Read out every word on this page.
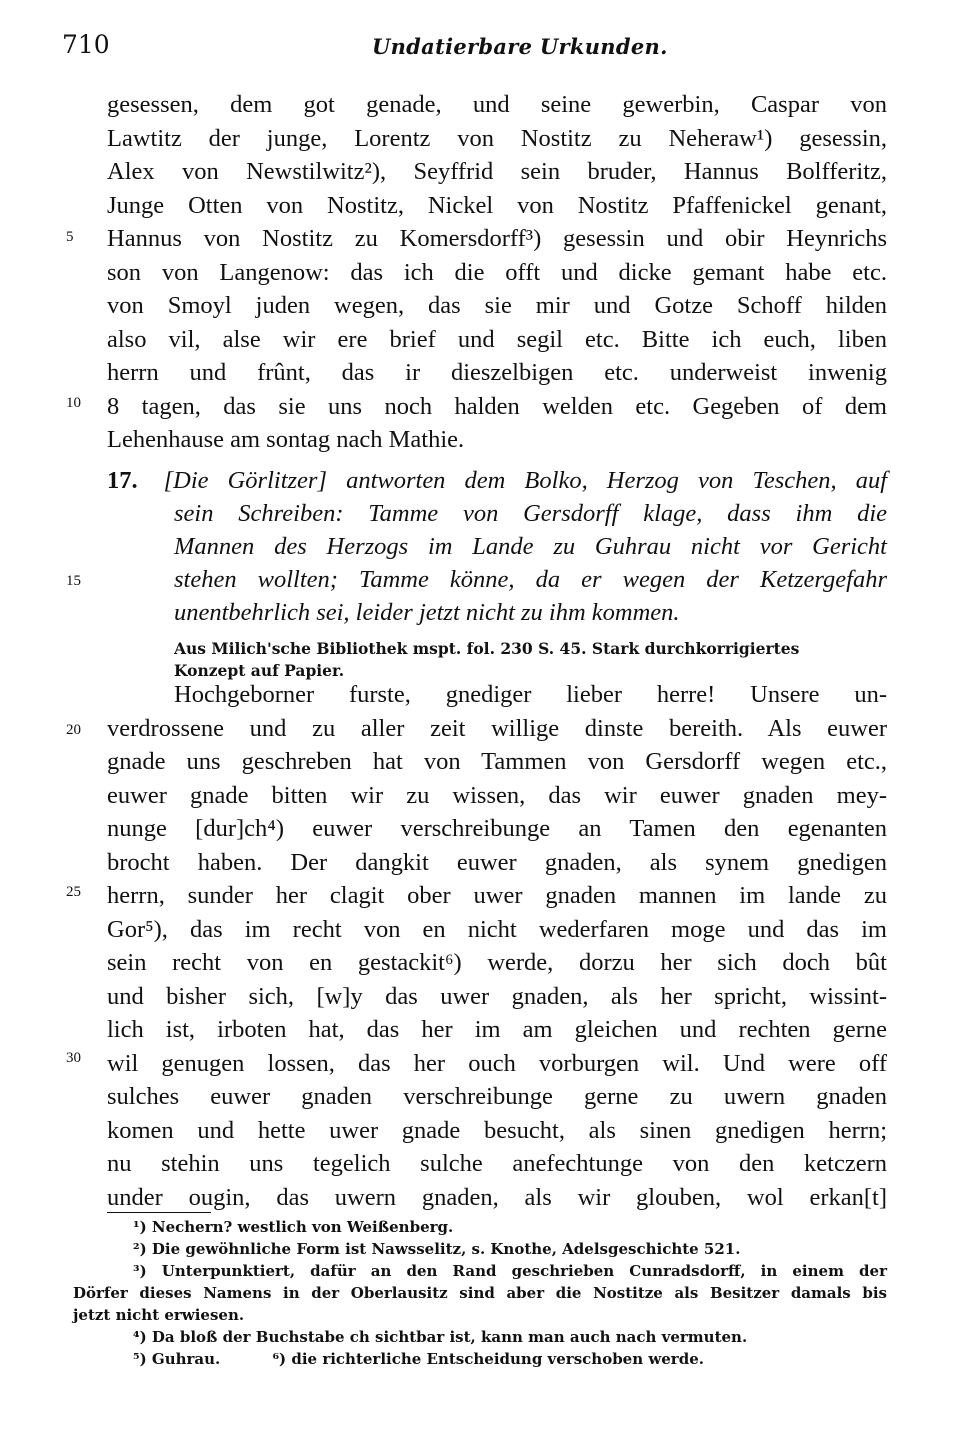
710	Undatierbare Urkunden.
gesessen, dem got genade, und seine gewerbin, Caspar von
Lawtitz der junge, Lorentz von Nostitz zu Neheraw¹) gesessin,
Alex von Newstilwitz²), Seyffrid sein bruder, Hannus Bolfferitz,
Junge Otten von Nostitz, Nickel von Nostitz Pfaffenickel genant,
Hannus von Nostitz zu Komersdorff³) gesessin und obir Heynrichs
son von Langenow: das ich die offt und dicke gemant habe etc.
von Smoyl juden wegen, das sie mir und Gotze Schoff hilden
also vil, alse wir ere brief und segil etc. Bitte ich euch, liben
herrn und frûnt, das ir dieszelbigen etc. underweist inwenig
8 tagen, das sie uns noch halden welden etc. Gegeben of dem
Lehenhause am sontag nach Mathie.
5
10
15
20
25
30
17. [Die Görlitzer] antworten dem Bolko, Herzog von Teschen, auf
sein Schreiben: Tamme von Gersdorff klage, dass ihm die
Mannen des Herzogs im Lande zu Guhrau nicht vor Gericht
stehen wollten; Tamme könne, da er wegen der Ketzergefahr
unentbehrlich sei, leider jetzt nicht zu ihm kommen.
Aus Milich'sche Bibliothek mspt. fol. 230 S. 45. Stark durchkorrigiertes
Konzept auf Papier.
Hochgeborner furste, gnediger lieber herre! Unsere un-
verdrossene und zu aller zeit willige dinste bereith. Als euwer
gnade uns geschreben hat von Tammen von Gersdorff wegen etc.,
euwer gnade bitten wir zu wissen, das wir euwer gnaden mey-
nunge [dur]ch⁴) euwer verschreibunge an Tamen den egenanten
brocht haben. Der dangkit euwer gnaden, als synem gnedigen
herrn, sunder her clagit ober uwer gnaden mannen im lande zu
Gor⁵), das im recht von en nicht wederfaren moge und das im
sein recht von en gestackit⁶) werde, dorzu her sich doch bût
und bisher sich, [w]y das uwer gnaden, als her spricht, wissint-
lich ist, irboten hat, das her im am gleichen und rechten gerne
wil genugen lossen, das her ouch vorburgen wil. Und were off
sulches euwer gnaden verschreibunge gerne zu uwern gnaden
komen und hette uwer gnade besucht, als sinen gnedigen herrn;
nu stehin uns tegelich sulche anefechtunge von den ketczern
under ougin, das uwern gnaden, als wir glouben, wol erkan[t]
¹) Nechern? westlich von Weißenberg.
²) Die gewöhnliche Form ist Nawsselitz, s. Knothe, Adelsgeschichte 521.
³) Unterpunktiert, dafür an den Rand geschrieben Cunradsdorff, in einem der
Dörfer dieses Namens in der Oberlausitz sind aber die Nostitze als Besitzer damals bis
jetzt nicht erwiesen.
⁴) Da bloß der Buchstabe ch sichtbar ist, kann man auch nach vermuten.
⁵) Guhrau.          ⁶) die richterliche Entscheidung verschoben werde.
